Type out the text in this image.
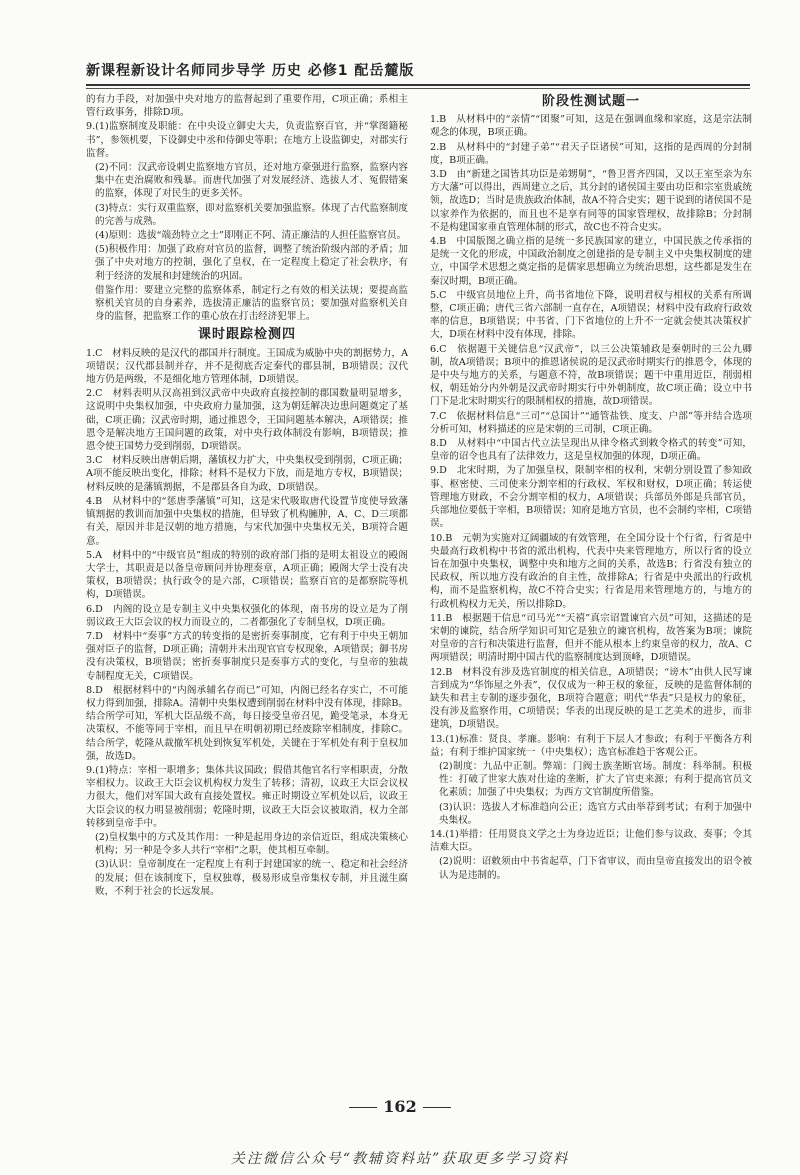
新课程新设计名师同步导学 历史 必修1 配岳麓版

的有力手段，对加强中央对地方的监督起到了重要作用，C项正确；系相主管行政事务，排除D项。

9.(1)监察制度及职能：在中央设立御史大夫，负责监察百官，并“掌图籍秘书”，参领机要，下设御史中丞和侍御史等职；在地方上设监御史，对郡实行监督。

(2)不同：汉武帝设刺史监察地方官员，还对地方豪强进行监察，监察内容集中在吏治腐败和残暴。而唐代加强了对发展经济、选拔人才、冤假错案的监察，体现了对民生的更多关怀。

(3)特点：实行双重监察，即对监察机关要加强监察。体现了古代监察制度的完善与成熟。

(4)原则：选拔“端劲特立之士”即刚正不阿、清正廉洁的人担任监察官员。

(5)积极作用：加强了政府对官员的监督，调整了统治阶级内部的矛盾；加强了中央对地方的控制，强化了皇权，在一定程度上稳定了社会秩序，有利于经济的发展和封建统治的巩固。

借鉴作用：要建立完整的监察体系，制定行之有效的相关法规；要提高监察机关官员的自身素养，选拔清正廉洁的监察官员；要加强对监察机关自身的监督，把监察工作的重心放在打击经济犯罪上。

课时跟踪检测四

1.C　材料反映的是汉代的郡国并行制度。王国成为威胁中央的割据势力，A项错误；汉代郡县制并存，并不是彻底否定秦代的郡县制，B项错误；汉代地方仍是两级，不是细化地方管理体制，D项错误。

2.C　材料表明从汉高祖到汉武帝中央政府直接控制的郡国数量明显增多，这说明中央集权加强，中央政府力量加强，这为朝廷解决边患问题奠定了基础，C项正确；汉武帝时期，通过推恩令，王国问题基本解决，A项错误；推恩令是解决地方王国问题的政策，对中央行政体制没有影响，B项错误；推恩令使王国势力受到削弱，D项错误。

3.C　材料反映出唐朝后期，藩镇权力扩大，中央集权受到削弱，C项正确；A项不能反映出变化，排除；材料不是权力下放，而是地方专权，B项错误；材料反映的是藩镇割据，不是郡县各自为政，D项错误。

4.B　从材料中的“惩唐季藩镇”可知，这是宋代吸取唐代设置节度使导致藩镇割据的教训而加强中央集权的措施，但导致了机构臃肿，A、C、D三项都有关，原因并非是汉朝的地方措施，与宋代加强中央集权无关，B项符合题意。

5.A　材料中的“中级官员”组成的特别的政府部门指的是明太祖设立的殿阁大学士，其职责是以备皇帝顾问并协理奏章，A项正确；殿阁大学士没有决策权，B项错误；执行政令的是六部，C项错误；监察百官的是都察院等机构，D项错误。

6.D　内阁的设立是专制主义中央集权强化的体现，南书房的设立是为了削弱议政王大臣会议的权力而设立的，二者都强化了专制皇权，D项正确。

7.D　材料中“奏事”方式的转变指的是密折奏事制度，它有利于中央王朝加强对臣子的监督，D项正确；清朝并未出现官官专权现象，A项错误；御书房没有决策权，B项错误；密折奏事制度只是奏事方式的变化，与皇帝的独裁专制程度无关，C项错误。

8.D　根据材料中的“内阁承辅名存而已”可知，内阁已经名存实亡，不可能权力得到加强，排除A。清朝中央集权遭到削弱在材料中没有体现，排除B。结合所学可知，军机大臣品级不高，每日接受皇帝召见，跪受笔录，本身无决策权，不能等同于宰相，而且早在明朝初期已经废除宰相制度，排除C。结合所学，乾隆从裁撤军机处到恢复军机处，关键在于军机处有利于皇权加强，故选D。

9.(1)特点：宰相一职增多；集体共议国政；假借其他官名行宰相职责，分散宰相权力。议政王大臣会议机构权力发生了转移；清初，议政王大臣会议权力很大，他们对军国大政有直接处置权。雍正时期设立军机处以后，议政王大臣会议的权力明显被削弱；乾隆时期，议政王大臣会议被取消，权力全部转移到皇帝手中。

(2)皇权集中的方式及其作用：一种是起用身边的亲信近臣，组成决策核心机构；另一种是令多人共行“宰相”之职，使其相互牵制。

(3)认识：皇帝制度在一定程度上有利于封建国家的统一、稳定和社会经济的发展；但在该制度下，皇权独尊，极易形成皇帝集权专制，并且滋生腐败，不利于社会的长远发展。

阶段性测试题一

1.B　从材料中的“亲情”“团聚”可知，这是在强调血缘和家庭，这是宗法制观念的体现，B项正确。

2.B　从材料中的“封建子弟”“君天子臣诸侯”可知，这指的是西周的分封制度，B项正确。

3.D　由“新建之国皆其功臣是弟甥舅”，“鲁卫晋齐四国，又以王室至亲为东方大藩”可以得出，西周建立之后，其分封的诸侯国主要由功臣和宗室贵戚统领，故选D；当时是贵族政治体制，故A不符合史实；题干说到的诸侯国不是以家养作为依据的，而且也不是享有同等的国家管理权，故排除B；分封制不是构建国家垂直管理体制的形式，故C也不符合史实。

4.B　中国版图之确立指的是统一多民族国家的建立，中国民族之传承指的是统一文化的形成，中国政治制度之创建指的是专制主义中央集权制度的建立，中国学术思想之奠定指的是儒家思想确立为统治思想，这些都是发生在秦汉时期，B项正确。

5.C　中级官员地位上升，尚书省地位下降，说明君权与相权的关系有所调整，C项正确；唐代三省六部制一直存在，A项错误；材料中没有政府行政效率的信息，B项错误；中书省、门下省地位的上升不一定就会使其决策权扩大，D项在材料中没有体现，排除。

6.C　依据题干关键信息“汉武帝”，以三公决策辅政是秦朝时的三公九卿制，故A项错误；B项中的推恩诸侯说的是汉武帝时期实行的推恩令，体现的是中央与地方的关系，与题意不符，故B项错误；题干中重用近臣，削弱相权，朝廷始分内外朝是汉武帝时期实行中外朝制度，故C项正确；设立中书门下是北宋时期实行的限制相权的措施，故D项错误。

7.C　依据材料信息“三司”“总国计”“通管盐铁、度支、户部”等并结合选项分析可知，材料描述的应是宋朝的三司制，C项正确。

8.D　从材料中“中国古代立法呈现出从律令格式到敕令格式的转变”可知，皇帝的诏令也具有了法律效力，这是皇权加强的体现，D项正确。

9.D　北宋时期，为了加强皇权，限制宰相的权利，宋朝分别设置了参知政事、枢密使、三司使来分割宰相的行政权、军权和财权，D项正确；转运使管理地方财政，不会分割宰相的权力，A项错误；兵部员外郎是兵部官员，兵部地位要低于宰相，B项错误；知府是地方官员，也不会制约宰相，C项错误。

10.B　元朝为实施对辽阔疆域的有效管理，在全国分设十个行省，行省是中央最高行政机构中书省的派出机构，代表中央来管理地方，所以行省的设立旨在加强中央集权，调整中央和地方之间的关系，故选B；行省没有独立的民政权，所以地方没有政治的自主性，故排除A；行省是中央派出的行政机构，而不是监察机构，故C不符合史实；行省是用来管理地方的，与地方的行政机构权力无关，所以排除D。

11.B　根据题干信息“司马光”“天禧”真宗诏置谏官六员”可知，这描述的是宋朝的谏院，结合所学知识可知它是独立的谏官机构，故答案为B项；谏院对皇帝的言行和决策进行监督，但并不能从根本上约束皇帝的权力，故A、C两项错误；明清时期中国古代的监察制度达到顶峰，D项错误。

12.B　材料没有涉及选官制度的相关信息，A项错误；“谤木”由供人民写谏言到成为“华饰屋之外表”，仅仅成为一种王权的象征，反映的是监督体制的缺失和君主专制的逐步强化，B项符合题意；明代“华表”只是权力的象征，没有涉及监察作用，C项错误；华表的出现反映的是工艺美术的进步，而非建筑，D项错误。

13.(1)标准：贤良、孝廉。影响：有利于下层人才参政；有利于平衡各方利益；有利于维护国家统一（中央集权）；选官标准趋于客观公正。

(2)制度：九品中正制。弊端：门阀士族垄断官场。制度：科举制。积极性：打破了世家大族对仕途的垄断，扩大了官吏来源；有利于提高官员文化素质；加强了中央集权；为西方文官制度所借鉴。

(3)认识：选拔人才标准趋向公正；选官方式由举荐到考试；有利于加强中央集权。

14.(1)举措：任用贤良文学之士为身边近臣；让他们参与议政、奏事；令其洁难大臣。

(2)说明：诏敕须由中书省起草，门下省审议，而由皇帝直接发出的诏令被认为是违制的。

162
关注微信公众号“教辅资料站”获取更多学习资料
